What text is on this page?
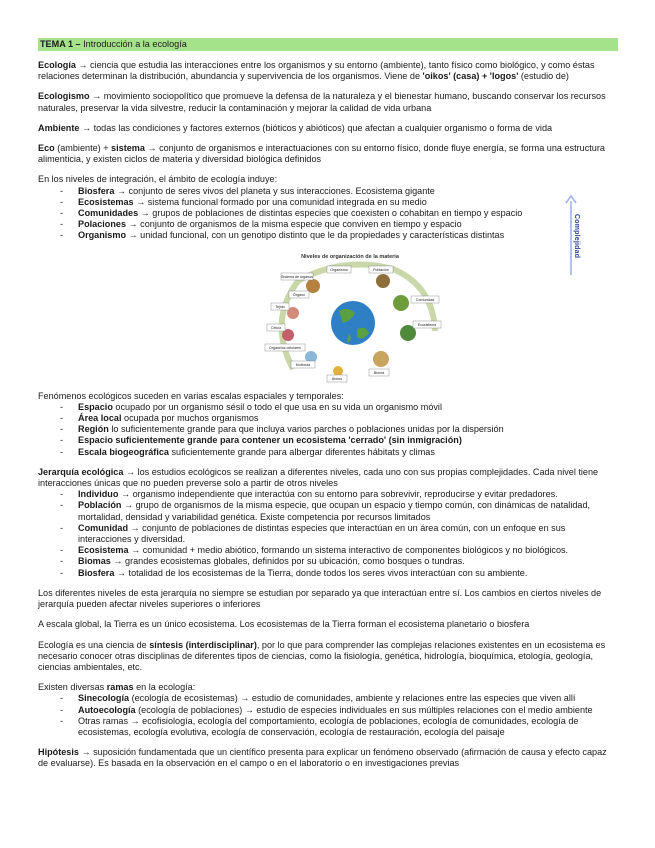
TEMA 1 – Introducción a la ecología

Ecología → ciencia que estudia las interacciones entre los organismos y su entorno (ambiente), tanto físico como biológico, y como éstas relaciones determinan la distribución, abundancia y supervivencia de los organismos. Viene de 'oikos' (casa) + 'logos' (estudio de)

Ecologismo → movimiento sociopolítico que promueve la defensa de la naturaleza y el bienestar humano, buscando conservar los recursos naturales, preservar la vida silvestre, reducir la contaminación y mejorar la calidad de vida urbana

Ambiente → todas las condiciones y factores externos (bióticos y abióticos) que afectan a cualquier organismo o forma de vida

Eco (ambiente) + sistema → conjunto de organismos e interactuaciones con su entorno físico, donde fluye energía, se forma una estructura alimenticia, y existen ciclos de materia y diversidad biológica definidos

En los niveles de integración, el ámbito de ecología induye:
- Biosfera → conjunto de seres vivos del planeta y sus interacciones. Ecosistema gigante
- Ecosistemas → sistema funcional formado por una comunidad integrada en su medio
- Comunidades → grupos de poblaciones de distintas especies que coexisten o cohabitan en tiempo y espacio
- Polaciones → conjunto de organismos de la misma especie que conviven en tiempo y espacio
- Organismo → unidad funcional, con un genotipo distinto que le da propiedades y características distintas
Niveles de organización de la materia
Sistema de órganos
Organismo	Población
Órgano
Tejido
Comunidad
Célula
Ecosistema
Organelos celulares
Molécula
Átomo
Bioma
Fenómenos ecológicos suceden en varias escalas espaciales y temporales:
- Espacio ocupado por un organismo sésil o todo el que usa en su vida un organismo móvil
- Área local ocupada por muchos organismos
- Región lo suficientemente grande para que incluya varios parches o poblaciones unidas por la dispersión
- Espacio suficientemente grande para contener un ecosistema 'cerrado' (sin inmigración)
- Escala biogeográfica suficientemente grande para albergar diferentes hábitats y climas
Jerarquía ecológica → los estudios ecológicos se realizan a diferentes niveles, cada uno con sus propias complejidades. Cada nivel tiene interacciones únicas que no pueden preverse solo a partir de otros niveles
- Individuo → organismo independiente que interactúa con su entorno para sobrevivir, reproducirse y evitar predadores.
- Población → grupo de organismos de la misma especie, que ocupan un espacio y tiempo común, con dinámicas de natalidad, mortalidad, densidad y variabilidad genética. Existe competencia por recursos limitados
- Comunidad → conjunto de poblaciones de distintas especies que interactúan en un área común, con un enfoque en sus interacciones y diversidad.
- Ecosistema → comunidad + medio abiótico, formando un sistema interactivo de componentes biológicos y no biológicos.
- Biomas → grandes ecosistemas globales, definidos por su ubicación, como bosques o tundras.
- Biosfera → totalidad de los ecosistemas de la Tierra, donde todos los seres vivos interactúan con su ambiente.

Los diferentes niveles de esta jerarquía no siempre se estudian por separado ya que interactúan entre sí. Los cambios en ciertos niveles de jerarquía pueden afectar niveles superiores o inferiores

A escala global, la Tierra es un único ecosistema. Los ecosistemas de la Tierra forman el ecosistema planetario o biosfera

Ecología es una ciencia de síntesis (interdisciplinar), por lo que para comprender las complejas relaciones existentes en un ecosistema es necesario conocer otras disciplinas de diferentes tipos de ciencias, como la fisiología, genética, hidrología, bioquímica, etología, geología, ciencias ambientales, etc.

Existen diversas ramas en la ecología:
- Sinecología (ecología de ecosistemas) → estudio de comunidades, ambiente y relaciones entre las especies que viven allí
- Autoecología (ecología de poblaciones) → estudio de especies individuales en sus múltiples relaciones con el medio ambiente
- Otras ramas → ecofisiología, ecología del comportamiento, ecología de poblaciones, ecología de comunidades, ecología de ecosistemas, ecología evolutiva, ecología de conservación, ecología de restauración, ecología del paisaje

Hipótesis → suposición fundamentada que un científico presenta para explicar un fenómeno observado (afirmación de causa y efecto capaz de evaluarse). Es basada en la observación en el campo o en el laboratorio o en investigaciones previas

Complejidad
